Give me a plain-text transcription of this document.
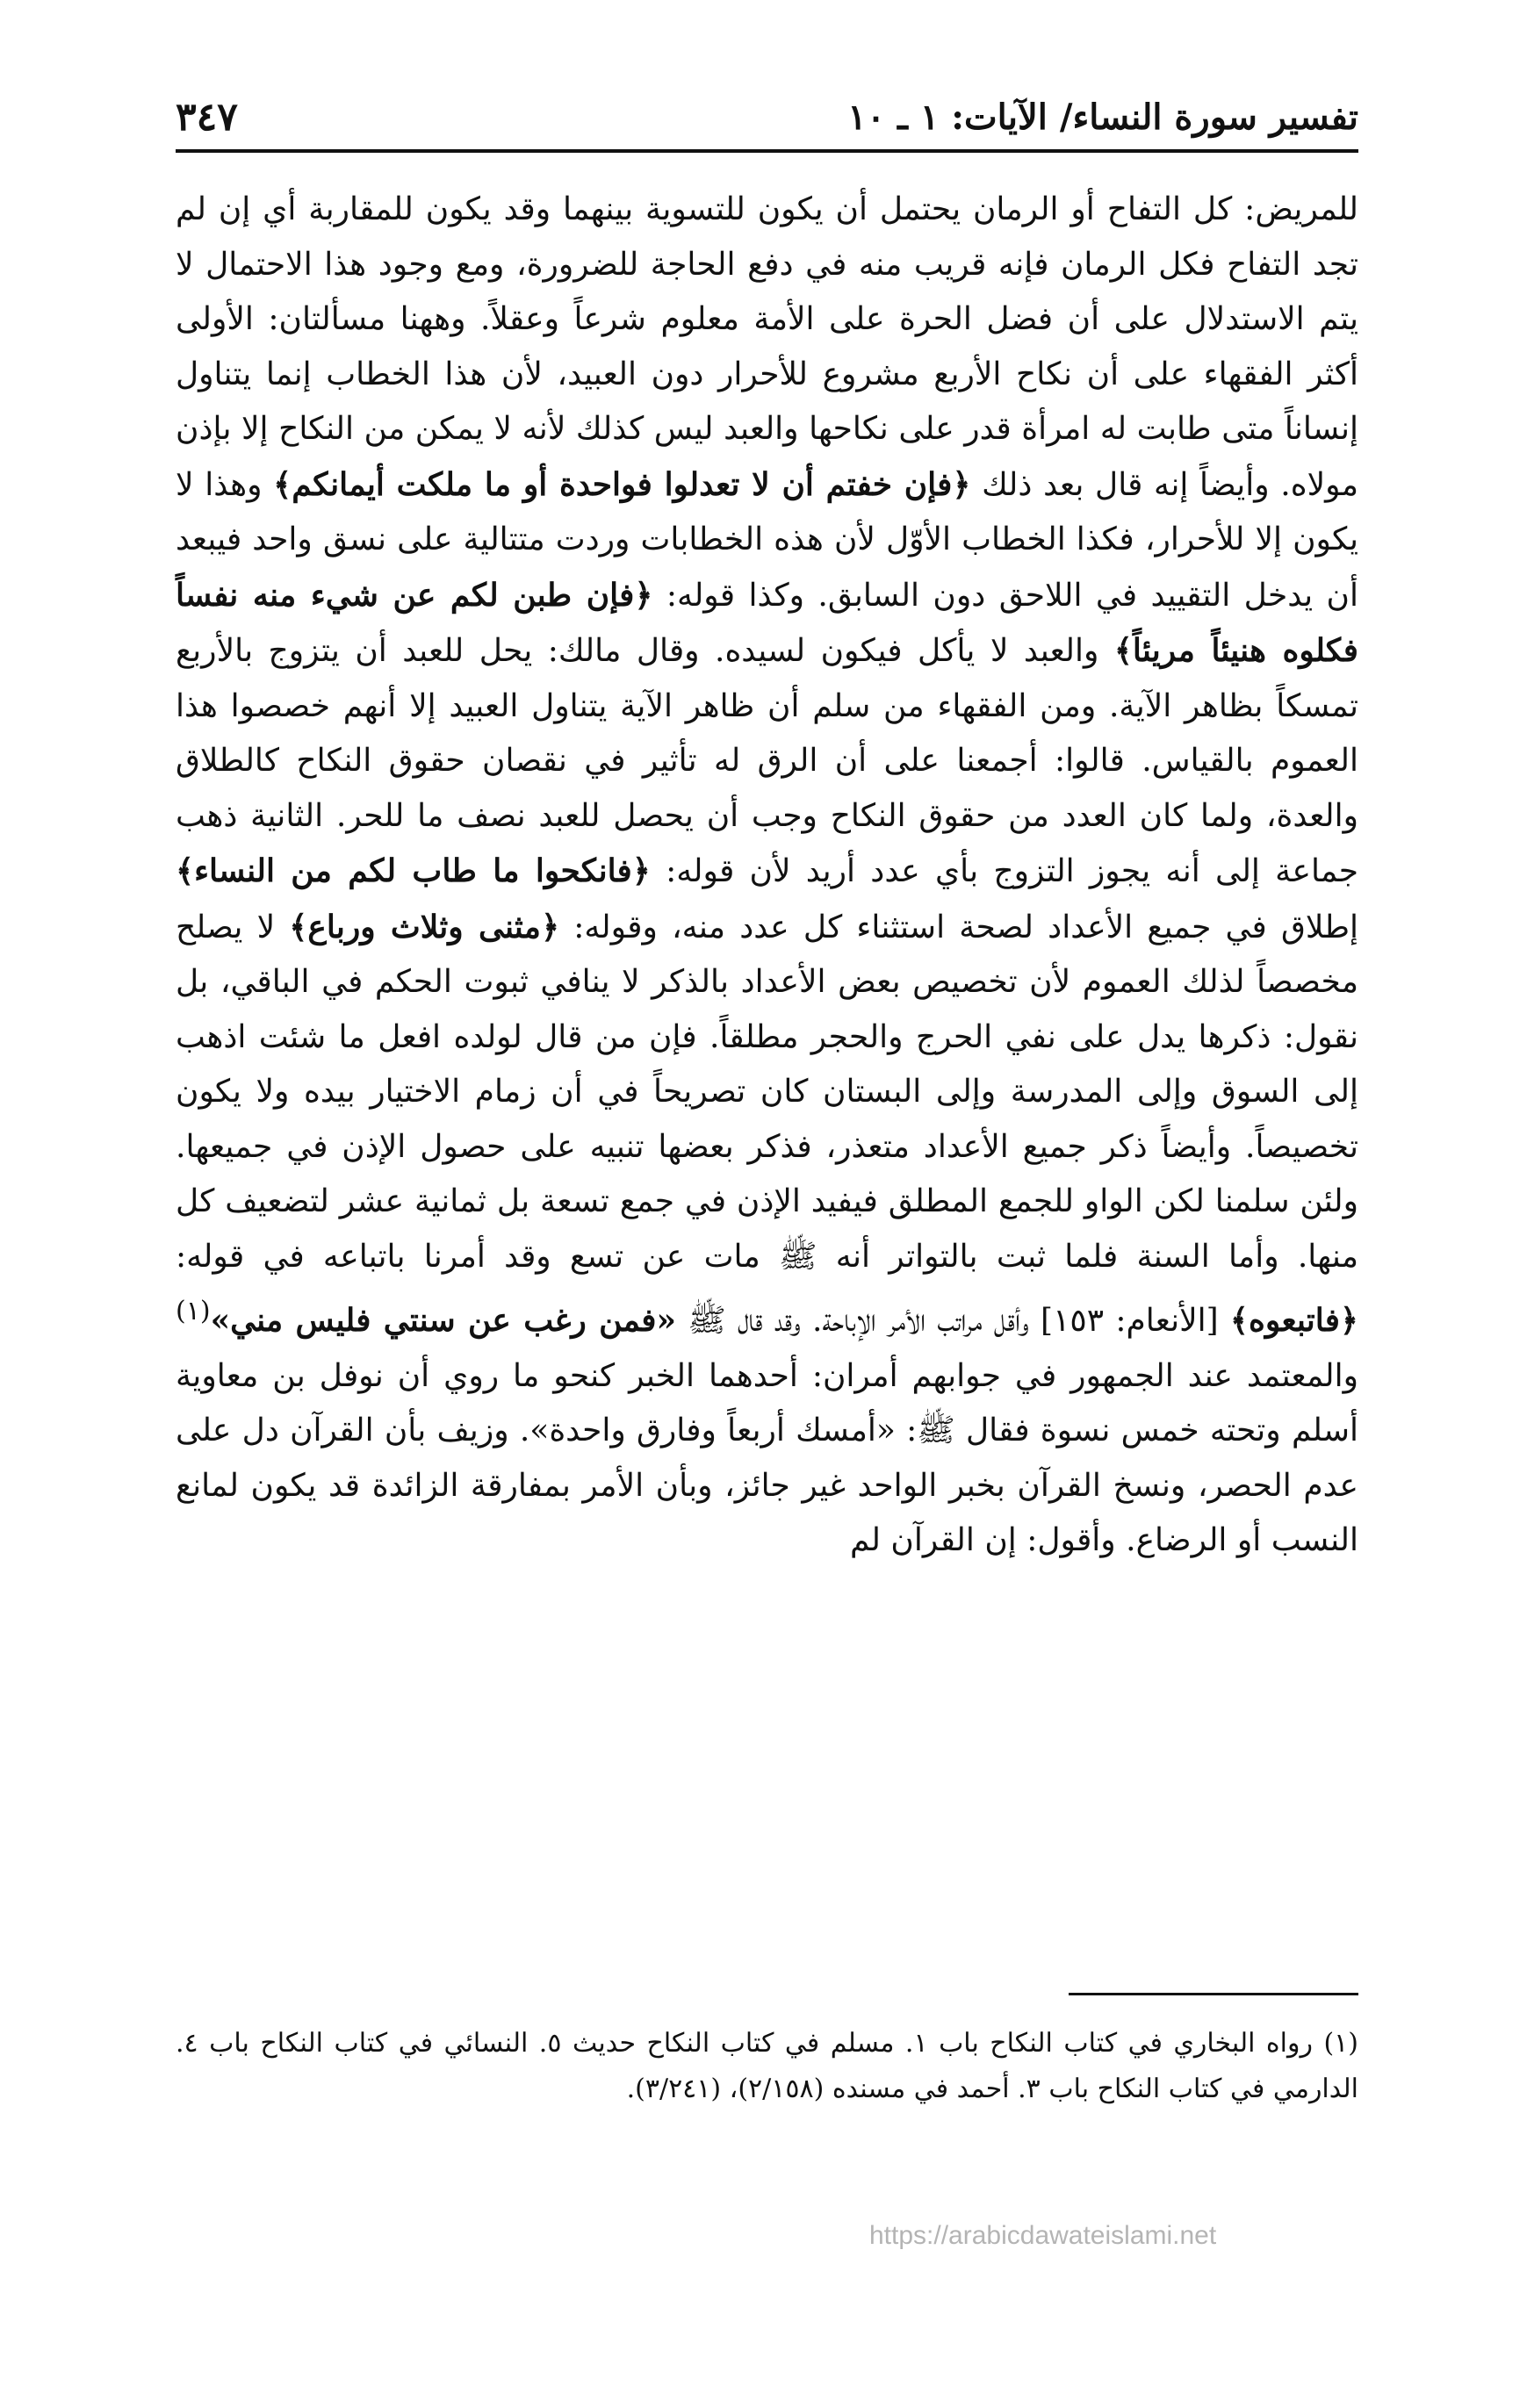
تفسير سورة النساء/ الآيات: ١ ـ ١٠
٣٤٧

للمريض: كل التفاح أو الرمان يحتمل أن يكون للتسوية بينهما وقد يكون للمقاربة أي إن لم تجد التفاح فكل الرمان فإنه قريب منه في دفع الحاجة للضرورة، ومع وجود هذا الاحتمال لا يتم الاستدلال على أن فضل الحرة على الأمة معلوم شرعاً وعقلاً. وههنا مسألتان: الأولى أكثر الفقهاء على أن نكاح الأربع مشروع للأحرار دون العبيد، لأن هذا الخطاب إنما يتناول إنساناً متى طابت له امرأة قدر على نكاحها والعبد ليس كذلك لأنه لا يمكن من النكاح إلا بإذن مولاه. وأيضاً إنه قال بعد ذلك ﴿فإن خفتم أن لا تعدلوا فواحدة أو ما ملكت أيمانكم﴾ وهذا لا يكون إلا للأحرار، فكذا الخطاب الأوّل لأن هذه الخطابات وردت متتالية على نسق واحد فيبعد أن يدخل التقييد في اللاحق دون السابق. وكذا قوله: ﴿فإن طبن لكم عن شيء منه نفساً فكلوه هنيئاً مريئاً﴾ والعبد لا يأكل فيكون لسيده. وقال مالك: يحل للعبد أن يتزوج بالأربع تمسكاً بظاهر الآية. ومن الفقهاء من سلم أن ظاهر الآية يتناول العبيد إلا أنهم خصصوا هذا العموم بالقياس. قالوا: أجمعنا على أن الرق له تأثير في نقصان حقوق النكاح كالطلاق والعدة، ولما كان العدد من حقوق النكاح وجب أن يحصل للعبد نصف ما للحر. الثانية ذهب جماعة إلى أنه يجوز التزوج بأي عدد أريد لأن قوله: ﴿فانكحوا ما طاب لكم من النساء﴾ إطلاق في جميع الأعداد لصحة استثناء كل عدد منه، وقوله: ﴿مثنى وثلاث ورباع﴾ لا يصلح مخصصاً لذلك العموم لأن تخصيص بعض الأعداد بالذكر لا ينافي ثبوت الحكم في الباقي، بل نقول: ذكرها يدل على نفي الحرج والحجر مطلقاً. فإن من قال لولده افعل ما شئت اذهب إلى السوق وإلى المدرسة وإلى البستان كان تصريحاً في أن زمام الاختيار بيده ولا يكون تخصيصاً. وأيضاً ذكر جميع الأعداد متعذر، فذكر بعضها تنبيه على حصول الإذن في جميعها. ولئن سلمنا لكن الواو للجمع المطلق فيفيد الإذن في جمع تسعة بل ثمانية عشر لتضعيف كل منها. وأما السنة فلما ثبت بالتواتر أنه ﷺ مات عن تسع وقد أمرنا باتباعه في قوله: ﴿فاتبعوه﴾ [الأنعام: ١٥٣] وأقل مراتب الأمر الإباحة. وقد قال ﷺ «فمن رغب عن سنتي فليس مني»$^{(١)}$ والمعتمد عند الجمهور في جوابهم أمران: أحدهما الخبر كنحو ما روي أن نوفل بن معاوية أسلم وتحته خمس نسوة فقال ﷺ: «أمسك أربعاً وفارق واحدة». وزيف بأن القرآن دل على عدم الحصر، ونسخ القرآن بخبر الواحد غير جائز، وبأن الأمر بمفارقة الزائدة قد يكون لمانع النسب أو الرضاع. وأقول: إن القرآن لم

(١) رواه البخاري في كتاب النكاح باب ١. مسلم في كتاب النكاح حديث ٥. النسائي في كتاب النكاح باب ٤. الدارمي في كتاب النكاح باب ٣. أحمد في مسنده (٢/١٥٨)، (٣/٢٤١).

https://arabicdawateislami.net
